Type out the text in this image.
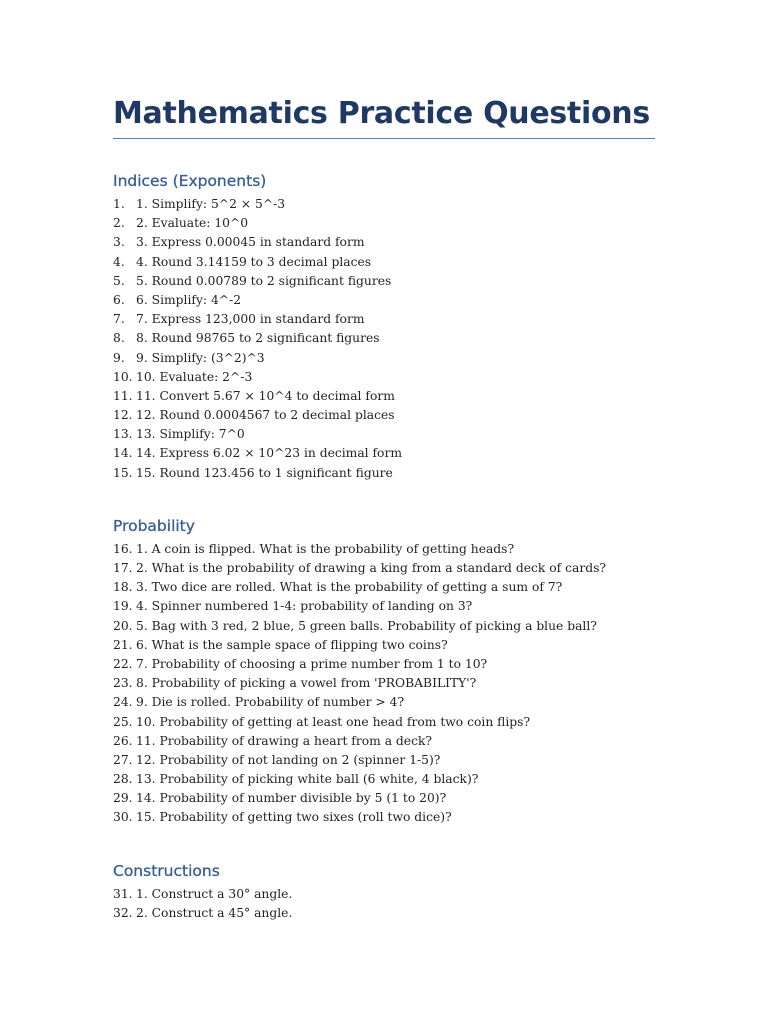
Mathematics Practice Questions
Indices (Exponents)
1. 1. Simplify: 5^2 × 5^-3
2. 2. Evaluate: 10^0
3. 3. Express 0.00045 in standard form
4. 4. Round 3.14159 to 3 decimal places
5. 5. Round 0.00789 to 2 significant figures
6. 6. Simplify: 4^-2
7. 7. Express 123,000 in standard form
8. 8. Round 98765 to 2 significant figures
9. 9. Simplify: (3^2)^3
10. 10. Evaluate: 2^-3
11. 11. Convert 5.67 × 10^4 to decimal form
12. 12. Round 0.0004567 to 2 decimal places
13. 13. Simplify: 7^0
14. 14. Express 6.02 × 10^23 in decimal form
15. 15. Round 123.456 to 1 significant figure
Probability
16. 1. A coin is flipped. What is the probability of getting heads?
17. 2. What is the probability of drawing a king from a standard deck of cards?
18. 3. Two dice are rolled. What is the probability of getting a sum of 7?
19. 4. Spinner numbered 1-4: probability of landing on 3?
20. 5. Bag with 3 red, 2 blue, 5 green balls. Probability of picking a blue ball?
21. 6. What is the sample space of flipping two coins?
22. 7. Probability of choosing a prime number from 1 to 10?
23. 8. Probability of picking a vowel from 'PROBABILITY'?
24. 9. Die is rolled. Probability of number > 4?
25. 10. Probability of getting at least one head from two coin flips?
26. 11. Probability of drawing a heart from a deck?
27. 12. Probability of not landing on 2 (spinner 1-5)?
28. 13. Probability of picking white ball (6 white, 4 black)?
29. 14. Probability of number divisible by 5 (1 to 20)?
30. 15. Probability of getting two sixes (roll two dice)?
Constructions
31. 1. Construct a 30° angle.
32. 2. Construct a 45° angle.
